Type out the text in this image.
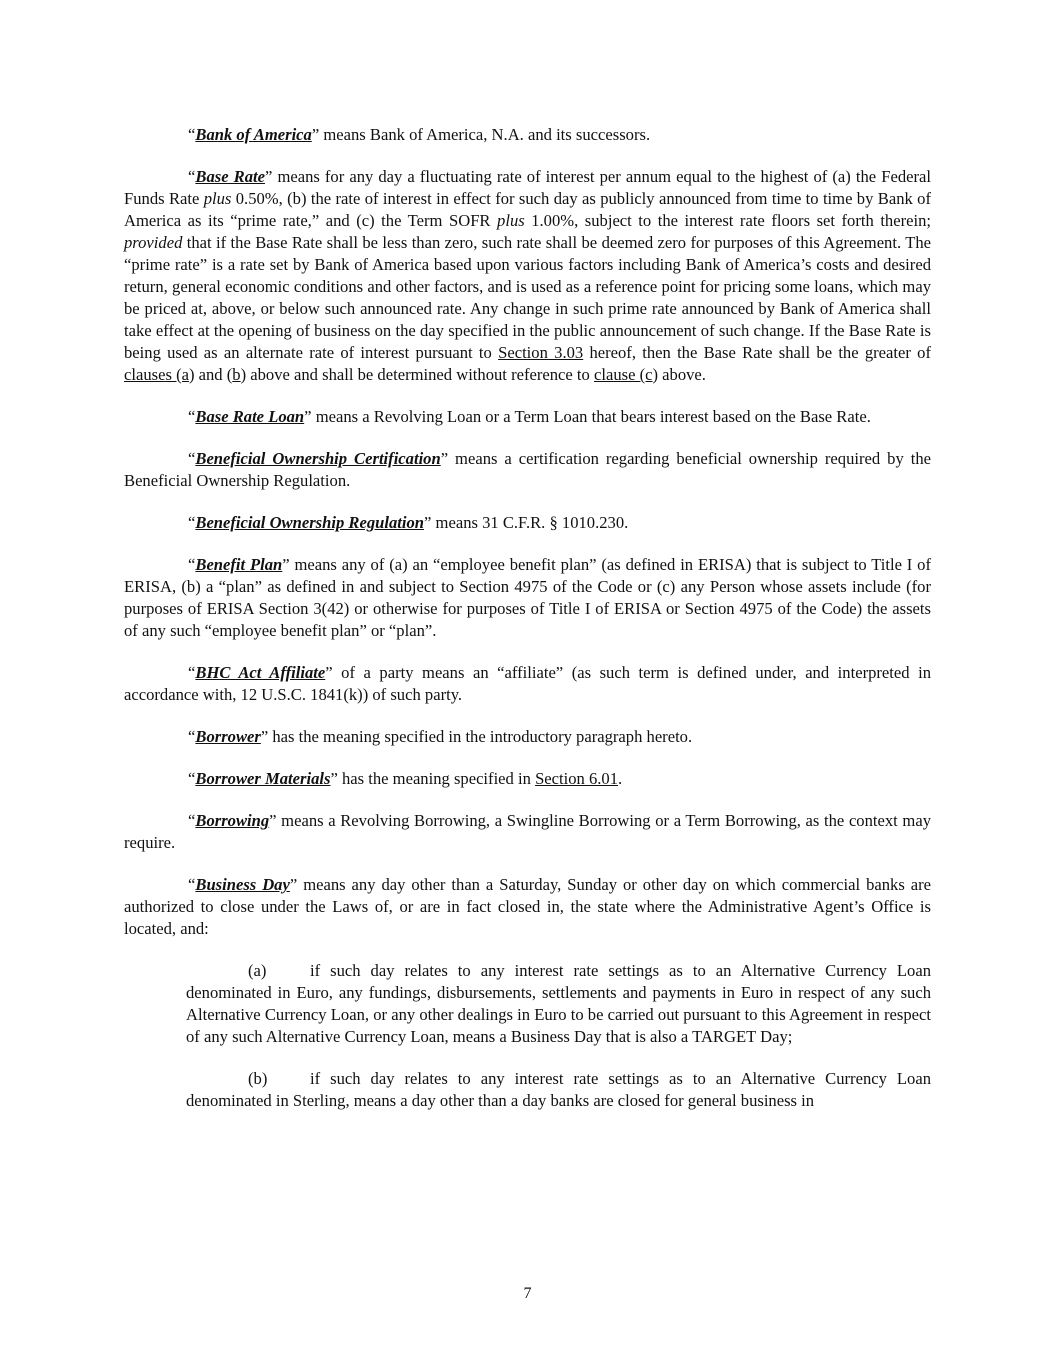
“Bank of America” means Bank of America, N.A. and its successors.

“Base Rate” means for any day a fluctuating rate of interest per annum equal to the highest of (a) the Federal Funds Rate plus 0.50%, (b) the rate of interest in effect for such day as publicly announced from time to time by Bank of America as its “prime rate,” and (c) the Term SOFR plus 1.00%, subject to the interest rate floors set forth therein; provided that if the Base Rate shall be less than zero, such rate shall be deemed zero for purposes of this Agreement. The “prime rate” is a rate set by Bank of America based upon various factors including Bank of America’s costs and desired return, general economic conditions and other factors, and is used as a reference point for pricing some loans, which may be priced at, above, or below such announced rate. Any change in such prime rate announced by Bank of America shall take effect at the opening of business on the day specified in the public announcement of such change. If the Base Rate is being used as an alternate rate of interest pursuant to Section 3.03 hereof, then the Base Rate shall be the greater of clauses (a) and (b) above and shall be determined without reference to clause (c) above.

“Base Rate Loan” means a Revolving Loan or a Term Loan that bears interest based on the Base Rate.

“Beneficial Ownership Certification” means a certification regarding beneficial ownership required by the Beneficial Ownership Regulation.

“Beneficial Ownership Regulation” means 31 C.F.R. § 1010.230.

“Benefit Plan” means any of (a) an “employee benefit plan” (as defined in ERISA) that is subject to Title I of ERISA, (b) a “plan” as defined in and subject to Section 4975 of the Code or (c) any Person whose assets include (for purposes of ERISA Section 3(42) or otherwise for purposes of Title I of ERISA or Section 4975 of the Code) the assets of any such “employee benefit plan” or “plan”.

“BHC Act Affiliate” of a party means an “affiliate” (as such term is defined under, and interpreted in accordance with, 12 U.S.C. 1841(k)) of such party.

“Borrower” has the meaning specified in the introductory paragraph hereto.

“Borrower Materials” has the meaning specified in Section 6.01.

“Borrowing” means a Revolving Borrowing, a Swingline Borrowing or a Term Borrowing, as the context may require.

“Business Day” means any day other than a Saturday, Sunday or other day on which commercial banks are authorized to close under the Laws of, or are in fact closed in, the state where the Administrative Agent’s Office is located, and:

(a)	if such day relates to any interest rate settings as to an Alternative Currency Loan denominated in Euro, any fundings, disbursements, settlements and payments in Euro in respect of any such Alternative Currency Loan, or any other dealings in Euro to be carried out pursuant to this Agreement in respect of any such Alternative Currency Loan, means a Business Day that is also a TARGET Day;

(b)	if such day relates to any interest rate settings as to an Alternative Currency Loan denominated in Sterling, means a day other than a day banks are closed for general business in

7
